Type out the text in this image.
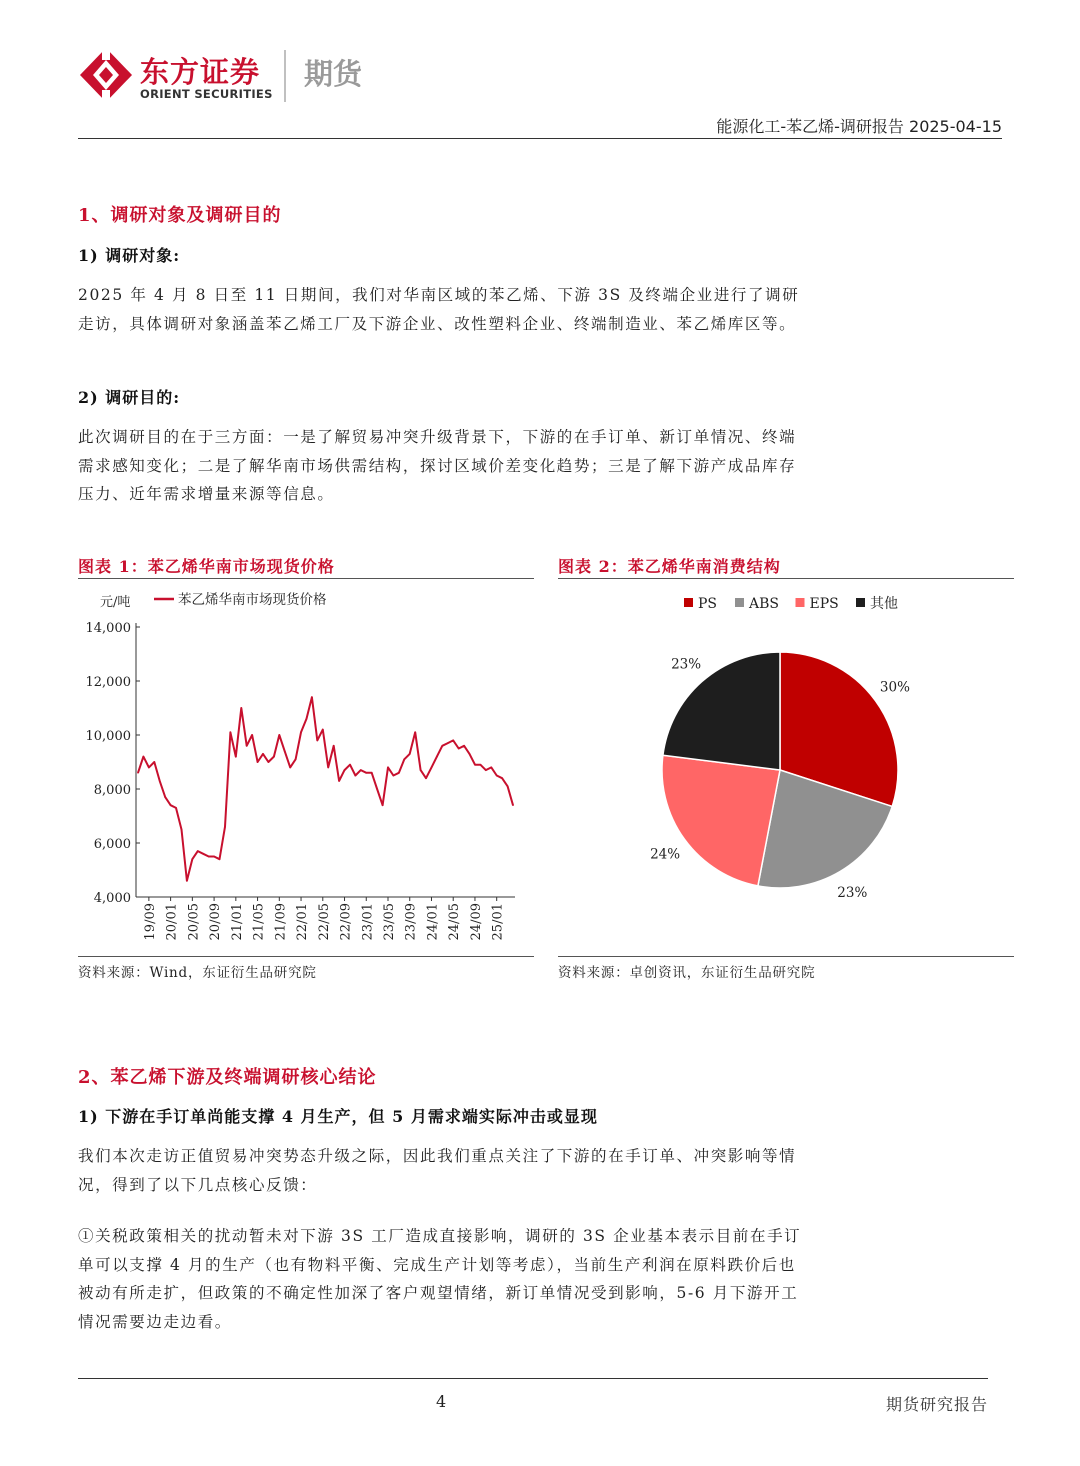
东方证券
ORIENT SECURITIES
期货
能源化工-苯乙烯-调研报告 2025-04-15
1、调研对象及调研目的
1) 调研对象:
2025 年 4 月 8 日至 11 日期间，我们对华南区域的苯乙烯、下游 3S 及终端企业进行了调研走访，具体调研对象涵盖苯乙烯工厂及下游企业、改性塑料企业、终端制造业、苯乙烯库区等。
2) 调研目的:
此次调研目的在于三方面：一是了解贸易冲突升级背景下，下游的在手订单、新订单情况、终端需求感知变化；二是了解华南市场供需结构，探讨区域价差变化趋势；三是了解下游产成品库存压力、近年需求增量来源等信息。
图表 1：苯乙烯华南市场现货价格
14,000
12,000
10,000
8,000
6,000
4,000
元/吨	苯乙烯华南市场现货价格
19/09 20/01 20/05 20/09 21/01 21/05 21/09 22/01 22/05 22/09 23/01 23/05 23/09 24/01 24/05 24/09 25/01
资料来源：Wind，东证衍生品研究院
图表 2：苯乙烯华南消费结构
PS ABS EPS 其他
30%
23%
24%
23%
资料来源：卓创资讯，东证衍生品研究院
2、苯乙烯下游及终端调研核心结论
1) 下游在手订单尚能支撑 4 月生产，但 5 月需求端实际冲击或显现
我们本次走访正值贸易冲突势态升级之际，因此我们重点关注了下游的在手订单、冲突影响等情况，得到了以下几点核心反馈：
①关税政策相关的扰动暂未对下游 3S 工厂造成直接影响，调研的 3S 企业基本表示目前在手订单可以支撑 4 月的生产（也有物料平衡、完成生产计划等考虑），当前生产利润在原料跌价后也被动有所走扩，但政策的不确定性加深了客户观望情绪，新订单情况受到影响，5-6 月下游开工情况需要边走边看。
4	期货研究报告
